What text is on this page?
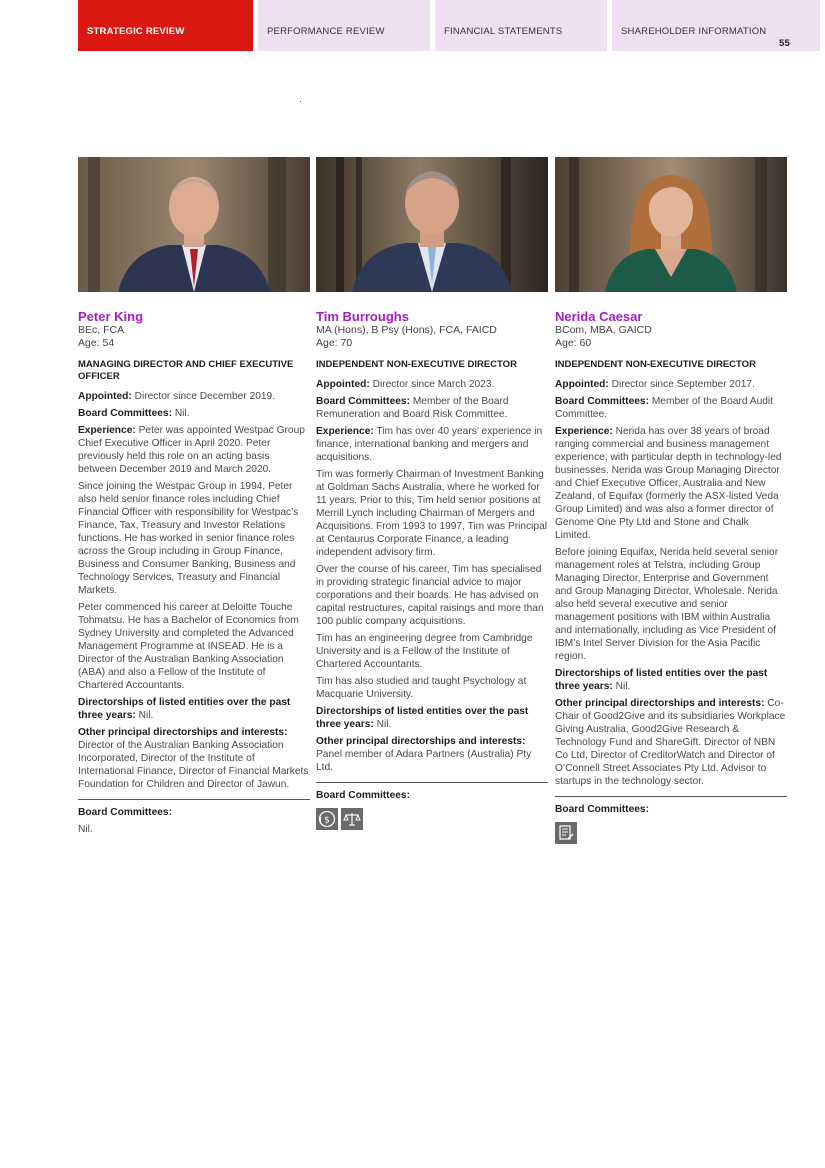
STRATEGIC REVIEW	PERFORMANCE REVIEW	FINANCIAL STATEMENTS	SHAREHOLDER INFORMATION
55
Peter King
BEc, FCA
Age: 54
MANAGING DIRECTOR AND CHIEF EXECUTIVE OFFICER

Appointed: Director since December 2019.

Board Committees: Nil.

Experience: Peter was appointed Westpac Group Chief Executive Officer in April 2020. Peter previously held this role on an acting basis between December 2019 and March 2020.

Since joining the Westpac Group in 1994, Peter also held senior finance roles including Chief Financial Officer with responsibility for Westpac’s Finance, Tax, Treasury and Investor Relations functions. He has worked in senior finance roles across the Group including in Group Finance, Business and Consumer Banking, Business and Technology Services, Treasury and Financial Markets.

Peter commenced his career at Deloitte Touche Tohmatsu. He has a Bachelor of Economics from Sydney University and completed the Advanced Management Programme at INSEAD. He is a Director of the Australian Banking Association (ABA) and also a Fellow of the Institute of Chartered Accountants.

Directorships of listed entities over the past three years: Nil.

Other principal directorships and interests: Director of the Australian Banking Association Incorporated, Director of the Institute of International Finance, Director of Financial Markets Foundation for Children and Director of Jawun.

Board Committees:
Nil.
Tim Burroughs
MA (Hons), B Psy (Hons), FCA, FAICD
Age: 70
INDEPENDENT NON-EXECUTIVE DIRECTOR

Appointed: Director since March 2023.

Board Committees: Member of the Board Remuneration and Board Risk Committee.

Experience: Tim has over 40 years’ experience in finance, international banking and mergers and acquisitions.

Tim was formerly Chairman of Investment Banking at Goldman Sachs Australia, where he worked for 11 years. Prior to this, Tim held senior positions at Merrill Lynch including Chairman of Mergers and Acquisitions. From 1993 to 1997, Tim was Principal at Centaurus Corporate Finance, a leading independent advisory firm.

Over the course of his career, Tim has specialised in providing strategic financial advice to major corporations and their boards. He has advised on capital restructures, capital raisings and more than 100 public company acquisitions.

Tim has an engineering degree from Cambridge University and is a Fellow of the Institute of Chartered Accountants.

Tim has also studied and taught Psychology at Macquarie University.

Directorships of listed entities over the past three years: Nil.

Other principal directorships and interests: Panel member of Adara Partners (Australia) Pty Ltd.

Board Committees:
$
Nerida Caesar
BCom, MBA, GAICD
Age: 60
INDEPENDENT NON-EXECUTIVE DIRECTOR

Appointed: Director since September 2017.

Board Committees: Member of the Board Audit Committee.

Experience: Nerida has over 38 years of broad ranging commercial and business management experience, with particular depth in technology-led businesses. Nerida was Group Managing Director and Chief Executive Officer, Australia and New Zealand, of Equifax (formerly the ASX-listed Veda Group Limited) and was also a former director of Genome One Pty Ltd and Stone and Chalk Limited.

Before joining Equifax, Nerida held several senior management roles at Telstra, including Group Managing Director, Enterprise and Government and Group Managing Director, Wholesale. Nerida also held several executive and senior management positions with IBM within Australia and internationally, including as Vice President of IBM’s Intel Server Division for the Asia Pacific region.

Directorships of listed entities over the past three years: Nil.

Other principal directorships and interests: Co-Chair of Good2Give and its subsidiaries Workplace Giving Australia, Good2Give Research & Technology Fund and ShareGift. Director of NBN Co Ltd, Director of CreditorWatch and Director of O’Connell Street Associates Pty Ltd. Advisor to startups in the technology sector.

Board Committees:
